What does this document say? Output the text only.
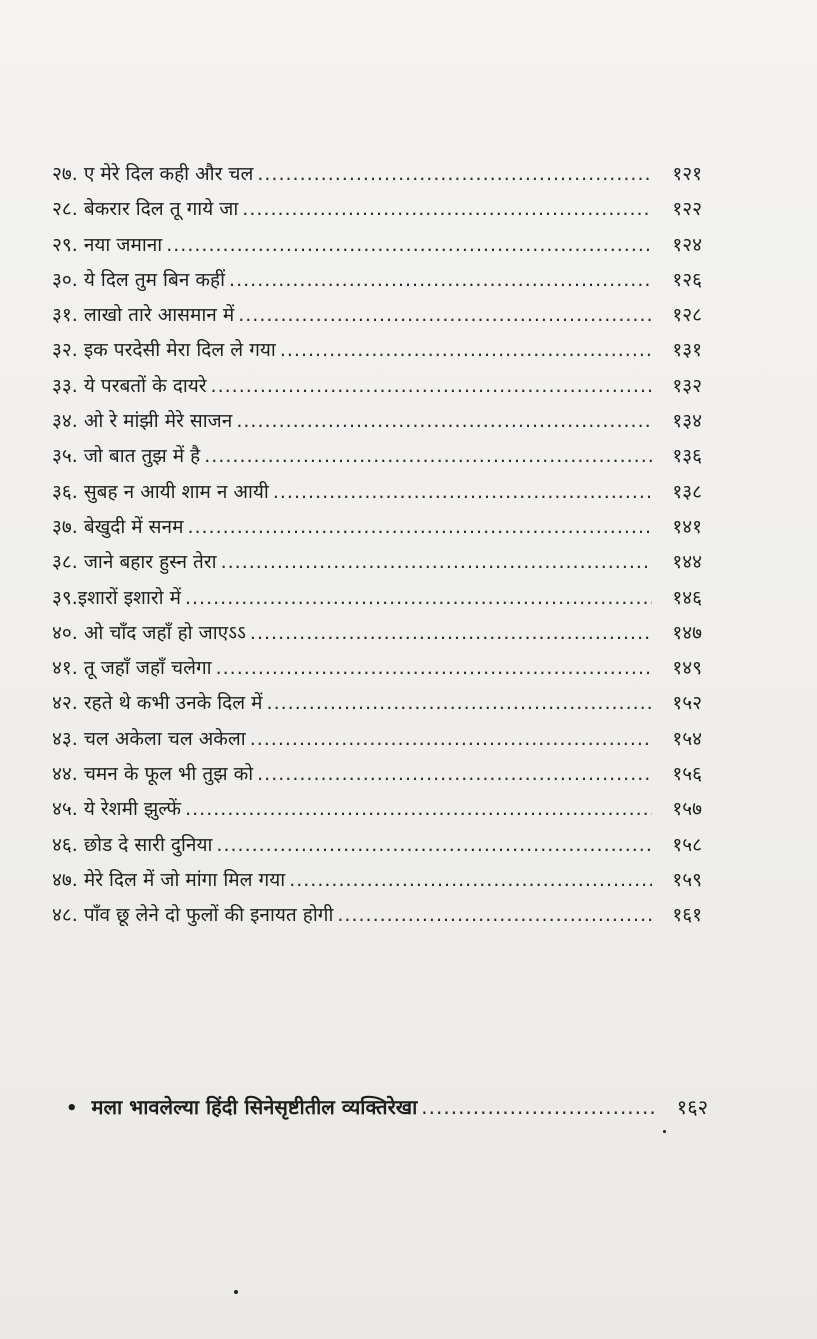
२७. ए मेरे दिल कही और चल .....	१२१
२८. बेकरार दिल तू गाये जा .....	१२२
२९. नया जमाना .....	१२४
३०. ये दिल तुम बिन कहीं .....	१२६
३१. लाखो तारे आसमान में .....	१२८
३२. इक परदेसी मेरा दिल ले गया .....	१३१
३३. ये परबतों के दायरे .....	१३२
३४. ओ रे मांझी मेरे साजन .....	१३४
३५. जो बात तुझ में है .....	१३६
३६. सुबह न आयी शाम न आयी .....	१३८
३७. बेखुदी में सनम .....	१४१
३८. जाने बहार हुस्न तेरा .....	१४४
३९.इशारों इशारो में .....	१४६
४०. ओ चाँद जहाँ हो जाएऽऽ .....	१४७
४१. तू जहाँ जहाँ चलेगा .....	१४९
४२. रहते थे कभी उनके दिल में .....	१५२
४३. चल अकेला चल अकेला .....	१५४
४४. चमन के फूल भी तुझ को .....	१५६
४५. ये रेशमी झुल्फें .....	१५७
४६. छोड दे सारी दुनिया .....	१५८
४७. मेरे दिल में जो मांगा मिल गया .....	१५९
४८. पाँव छू लेने दो फुलों की इनायत होगी .....	१६१
• मला भावलेल्या हिंदी सिनेसृष्टीतील व्यक्तिरेखा .....	१६२
